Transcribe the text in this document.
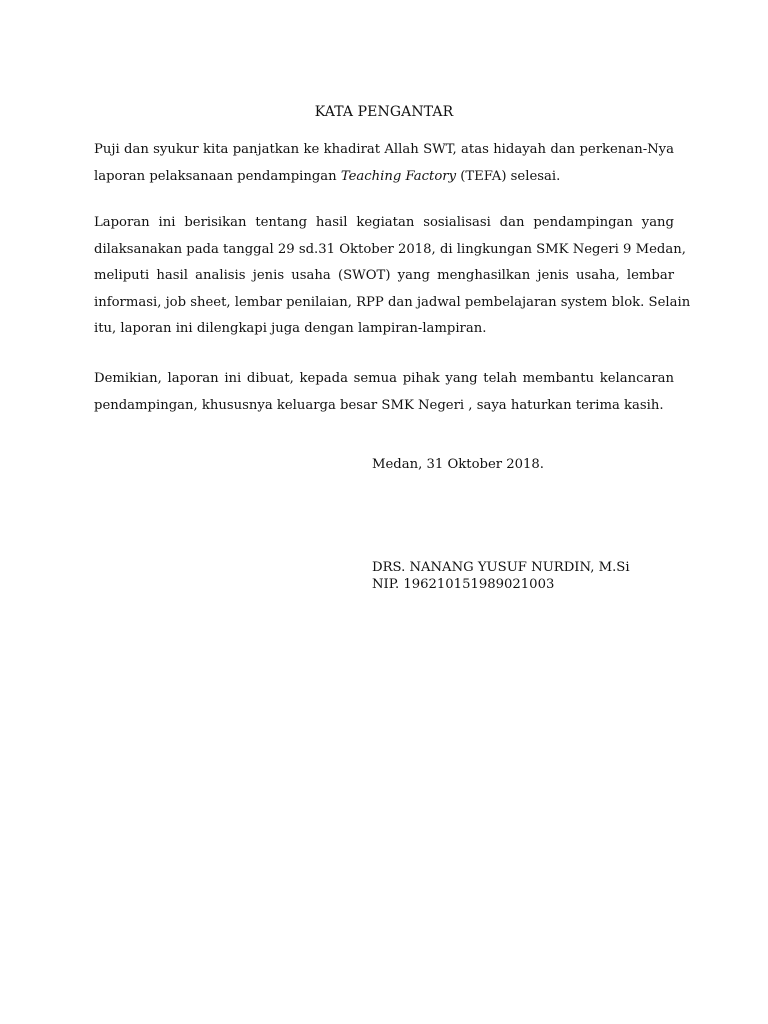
KATA PENGANTAR
Puji dan syukur kita panjatkan ke khadirat Allah SWT, atas hidayah dan perkenan-Nya
laporan pelaksanaan pendampingan Teaching Factory (TEFA) selesai.
Laporan ini berisikan tentang hasil kegiatan sosialisasi dan pendampingan yang
dilaksanakan pada tanggal 29 sd.31 Oktober 2018, di lingkungan SMK Negeri 9 Medan,
meliputi hasil analisis jenis usaha (SWOT) yang menghasilkan jenis usaha, lembar
informasi, job sheet, lembar penilaian, RPP dan jadwal pembelajaran system blok. Selain
itu, laporan ini dilengkapi juga dengan lampiran-lampiran.
Demikian, laporan ini dibuat, kepada semua pihak yang telah membantu kelancaran
pendampingan, khususnya keluarga besar SMK Negeri , saya haturkan terima kasih.
Medan, 31 Oktober 2018.
DRS. NANANG YUSUF NURDIN, M.Si
NIP. 196210151989021003
